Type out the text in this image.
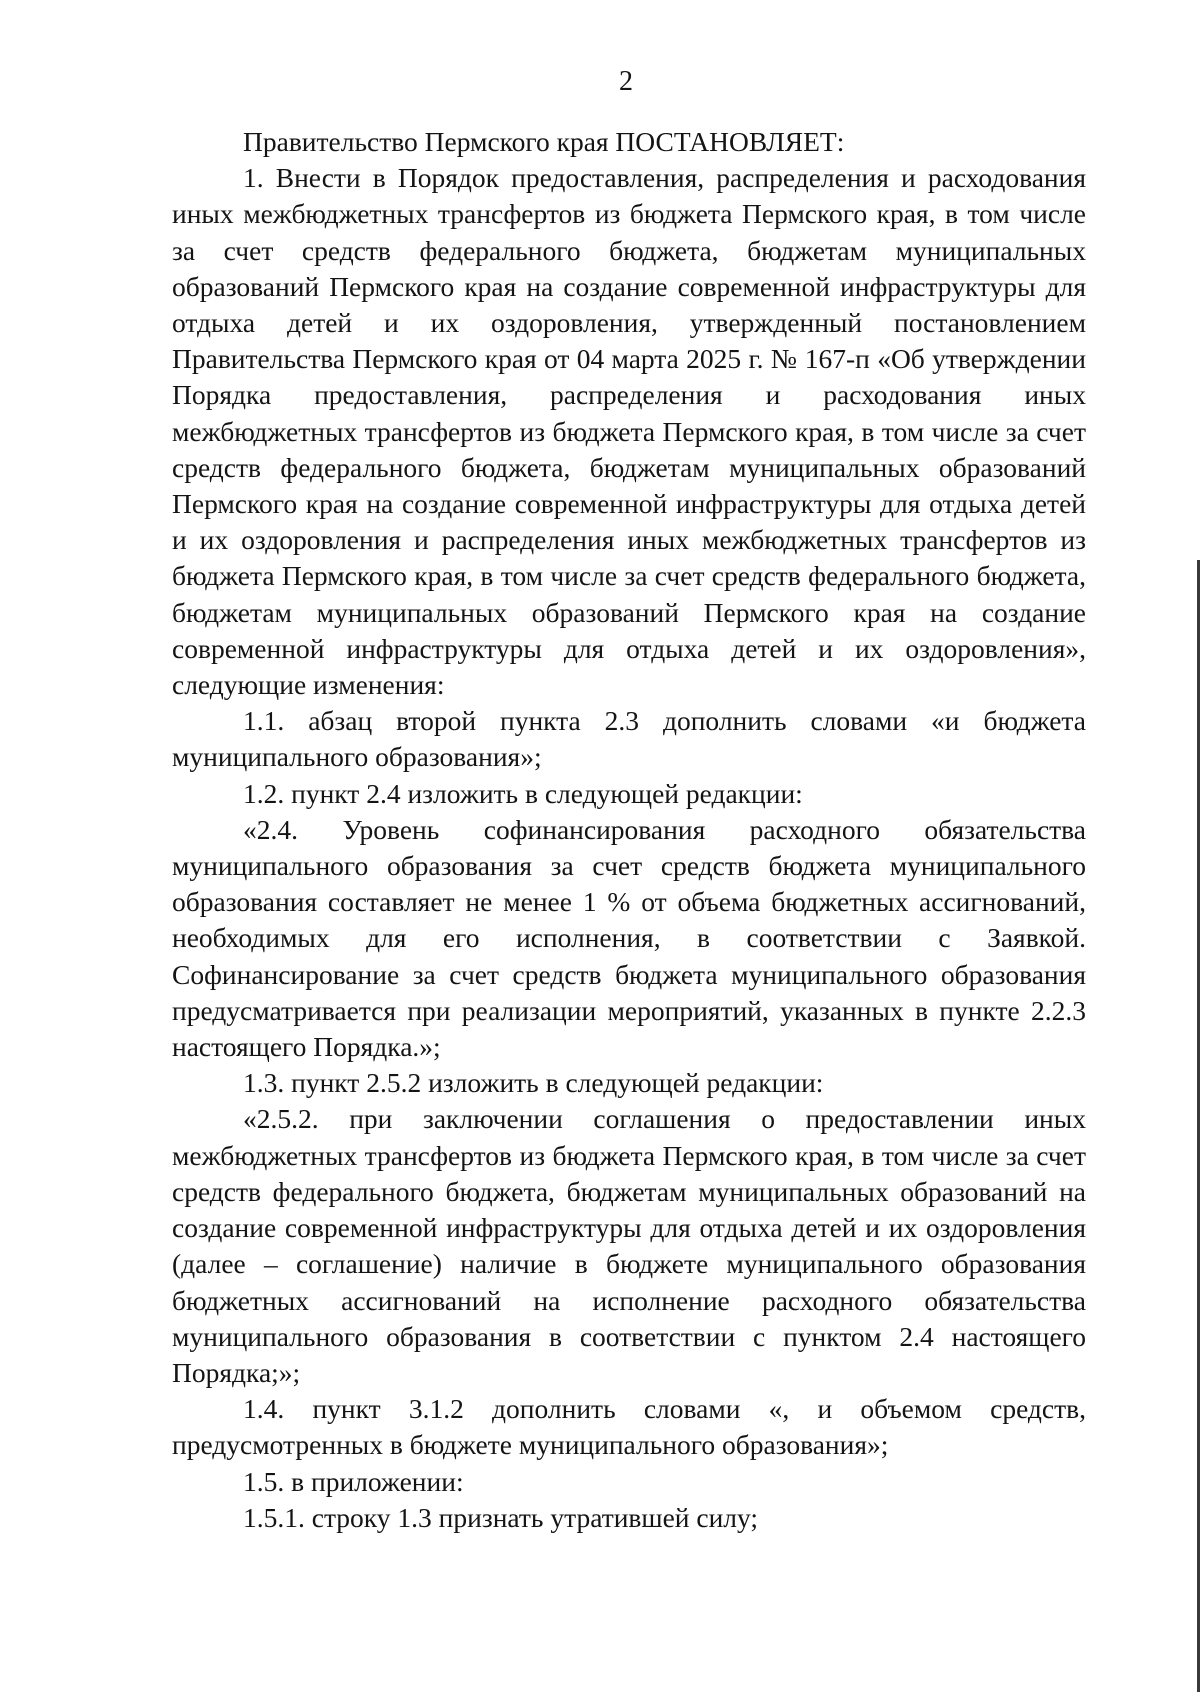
2

Правительство Пермского края ПОСТАНОВЛЯЕТ:

1. Внести в Порядок предоставления, распределения и расходования иных межбюджетных трансфертов из бюджета Пермского края, в том числе за счет средств федерального бюджета, бюджетам муниципальных образований Пермского края на создание современной инфраструктуры для отдыха детей и их оздоровления, утвержденный постановлением Правительства Пермского края от 04 марта 2025 г. № 167-п «Об утверждении Порядка предоставления, распределения и расходования иных межбюджетных трансфертов из бюджета Пермского края, в том числе за счет средств федерального бюджета, бюджетам муниципальных образований Пермского края на создание современной инфраструктуры для отдыха детей и их оздоровления и распределения иных межбюджетных трансфертов из бюджета Пермского края, в том числе за счет средств федерального бюджета, бюджетам муниципальных образований Пермского края на создание современной инфраструктуры для отдыха детей и их оздоровления», следующие изменения:

1.1. абзац второй пункта 2.3 дополнить словами «и бюджета муниципального образования»;

1.2. пункт 2.4 изложить в следующей редакции:

«2.4. Уровень софинансирования расходного обязательства муниципального образования за счет средств бюджета муниципального образования составляет не менее 1 % от объема бюджетных ассигнований, необходимых для его исполнения, в соответствии с Заявкой. Софинансирование за счет средств бюджета муниципального образования предусматривается при реализации мероприятий, указанных в пункте 2.2.3 настоящего Порядка.»;

1.3. пункт 2.5.2 изложить в следующей редакции:

«2.5.2. при заключении соглашения о предоставлении иных межбюджетных трансфертов из бюджета Пермского края, в том числе за счет средств федерального бюджета, бюджетам муниципальных образований на создание современной инфраструктуры для отдыха детей и их оздоровления (далее – соглашение) наличие в бюджете муниципального образования бюджетных ассигнований на исполнение расходного обязательства муниципального образования в соответствии с пунктом 2.4 настоящего Порядка;»;

1.4. пункт 3.1.2 дополнить словами «, и объемом средств, предусмотренных в бюджете муниципального образования»;

1.5. в приложении:

1.5.1. строку 1.3 признать утратившей силу;
